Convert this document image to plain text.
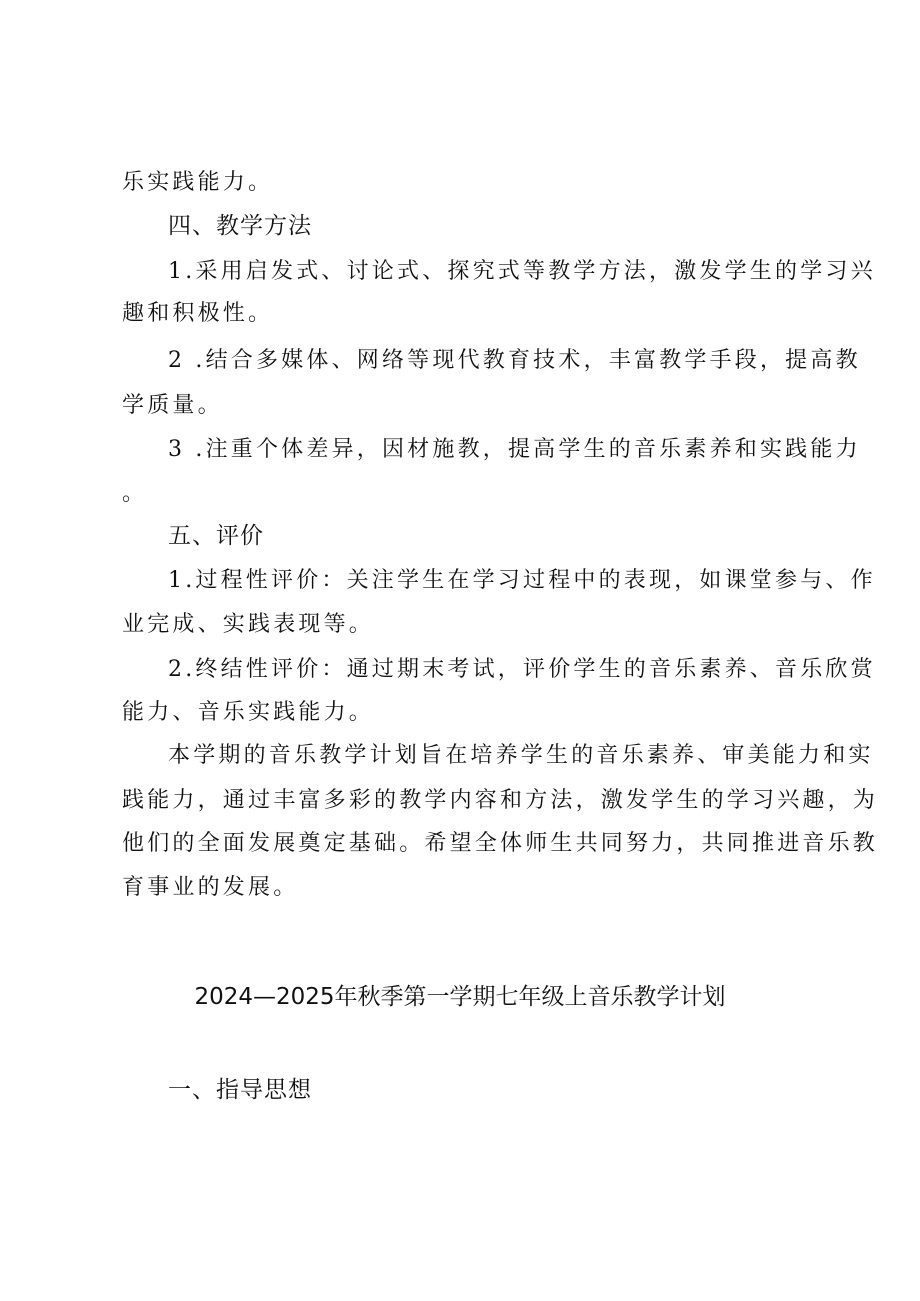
乐实践能力。
四、教学方法
1.采用启发式、讨论式、探究式等教学方法，激发学生的学习兴
趣和积极性。
2 .结合多媒体、网络等现代教育技术，丰富教学手段，提高教
学质量。
3 .注重个体差异，因材施教，提高学生的音乐素养和实践能力
。
五、评价
1.过程性评价：关注学生在学习过程中的表现，如课堂参与、作
业完成、实践表现等。
2.终结性评价：通过期末考试，评价学生的音乐素养、音乐欣赏
能力、音乐实践能力。
本学期的音乐教学计划旨在培养学生的音乐素养、审美能力和实
践能力，通过丰富多彩的教学内容和方法，激发学生的学习兴趣，为
他们的全面发展奠定基础。希望全体师生共同努力，共同推进音乐教
育事业的发展。
2024—2025年秋季第一学期七年级上音乐教学计划
一、指导思想
